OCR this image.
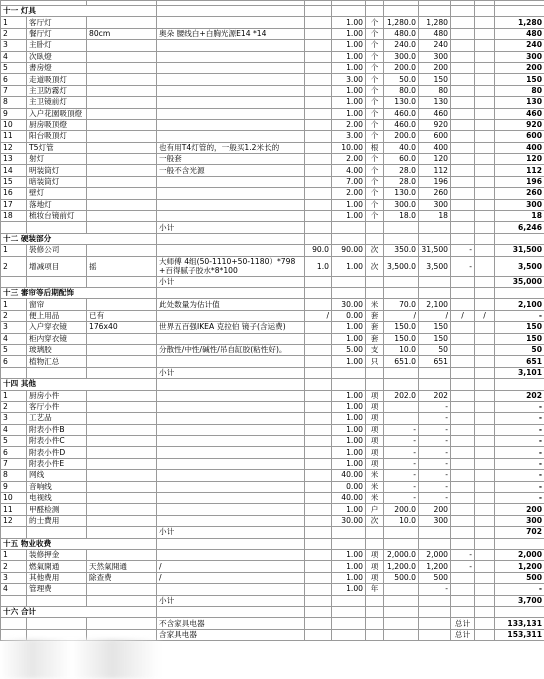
十一 灯具											
1	客厅灯				1.00	个	1,280.0	1,280			1,280
2	餐厅灯	80cm	奥朵 腰线白+白胸光源E14 *14		1.00	个	480.0	480			480
3	主卧灯				1.00	个	240.0	240			240
4	次臥燈				1.00	个	300.0	300			300
5	書房燈				1.00	个	200.0	200			200
6	走道吸頂灯				3.00	个	50.0	150			150
7	主卫防霧灯				1.00	个	80.0	80			80
8	主卫镜前灯				1.00	个	130.0	130			130
9	入户花園吸頂燈				1.00	个	460.0	460			460
10	厨房吸顶燈				2.00	个	460.0	920			920
11	阳台吸頂灯				3.00	个	200.0	600			600
12	T5灯管		也有用T4灯管的，一般买1.2米长的		10.00	根	40.0	400			400
13	射灯		一般套		2.00	个	60.0	120			120
14	明装筒灯		一般不含光源		4.00	个	28.0	112			112
15	暗装筒灯				7.00	个	28.0	196			196
16	壁灯				2.00	个	130.0	260			260
17	落地灯				1.00	个	300.0	300			300
18	梳妆台镜前灯				1.00	个	18.0	18			18
			小计								6,246
十二 硬装部分											
1	裝修公司			90.0	90.00	次	350.0	31,500	-		31,500
2	增减项目	摇	大师傅 4组(50-1110+50-1180）*798 +百得腻子胶水*8*100	1.0	1.00	次	3,500.0	3,500	-		3,500
			小计								35,000
十三 審帘等后期配饰											
1	窗帘		此处数量为估计值		30.00	米	70.0	2,100			2,100
2	便上用品	已有		/	0.00	套	/	/	/	/	-
3	入户穿衣镜	176x40	世界五百强IKEA 克拉伯 镜子(含运费)		1.00	套	150.0	150			150
4	柜内穿衣镜				1.00	套	150.0	150			150
5	玻璃胶		分散性/中性/碱性/吊自缸胶(粘性好)。		5.00	支	10.0	50			50
6	植物汇总				1.00	只	651.0	651			651
			小计								3,101
十四 其他											
1	厨房小件				1.00	项	202.0	202			202
2	客厅小件				1.00	项		-			-
3	工艺品				1.00	项		-			-
4	附表小件B				1.00	项	-	-			-
5	附表小件C				1.00	项	-	-			-
6	附表小件D				1.00	项	-	-			-
7	附表小件E				1.00	项	-	-			-
8	网线				40.00	米	-	-			-
9	音响线				0.00	米	-	-			-
10	电视线				40.00	米	-	-			-
11	甲醛检测				1.00	户	200.0	200			200
12	的士費用				30.00	次	10.0	300			300
			小计								702
十五 物业收费											
1	装修押金				1.00	项	2,000.0	2,000	-		2,000
2	燃氣開通	天然氣開通	/		1.00	项	1,200.0	1,200	-		1,200
3	其他费用	除查费	/		1.00	项	500.0	500			500
4	管理费				1.00	年		-			-
			小计								3,700
十六 合计											
			不含家具电器						总计		133,131
			含家具电器						总计		153,311
